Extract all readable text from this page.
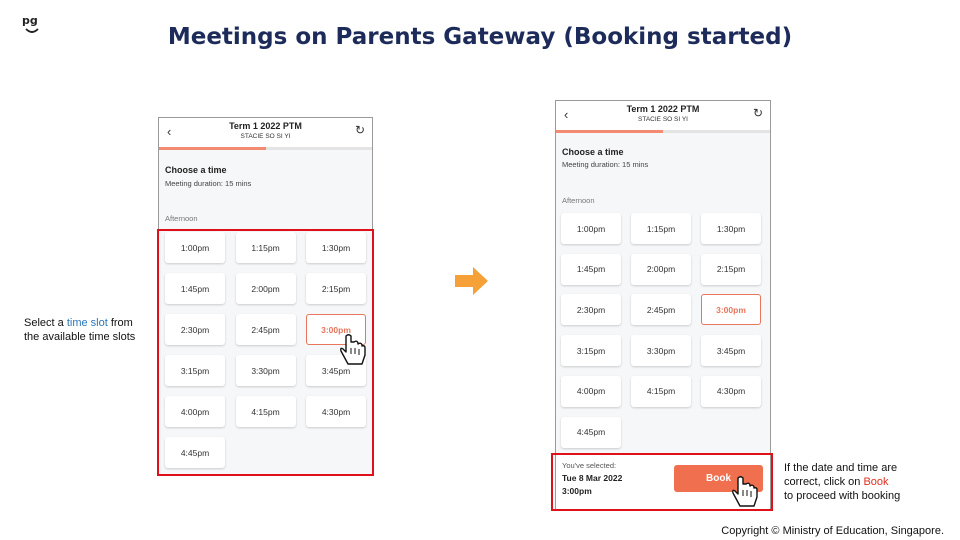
pg
Meetings on Parents Gateway (Booking started)
‹	Term 1 2022 PTM
STACIE SO SI YI	↻
Choose a time
Meeting duration: 15 mins
Afternoon
1:00pm	1:15pm	1:30pm
1:45pm	2:00pm	2:15pm
2:30pm	2:45pm	3:00pm
3:15pm	3:30pm	3:45pm
4:00pm	4:15pm	4:30pm
4:45pm
Select a time slot from
the available time slots
‹	Term 1 2022 PTM
STACIE SO SI YI	↻
Choose a time
Meeting duration: 15 mins
Afternoon
1:00pm	1:15pm	1:30pm
1:45pm	2:00pm	2:15pm
2:30pm	2:45pm	3:00pm
3:15pm	3:30pm	3:45pm
4:00pm	4:15pm	4:30pm
4:45pm
You've selected:
Tue 8 Mar 2022
3:00pm
Book
If the date and time are
correct, click on Book
to proceed with booking
Copyright © Ministry of Education, Singapore.
